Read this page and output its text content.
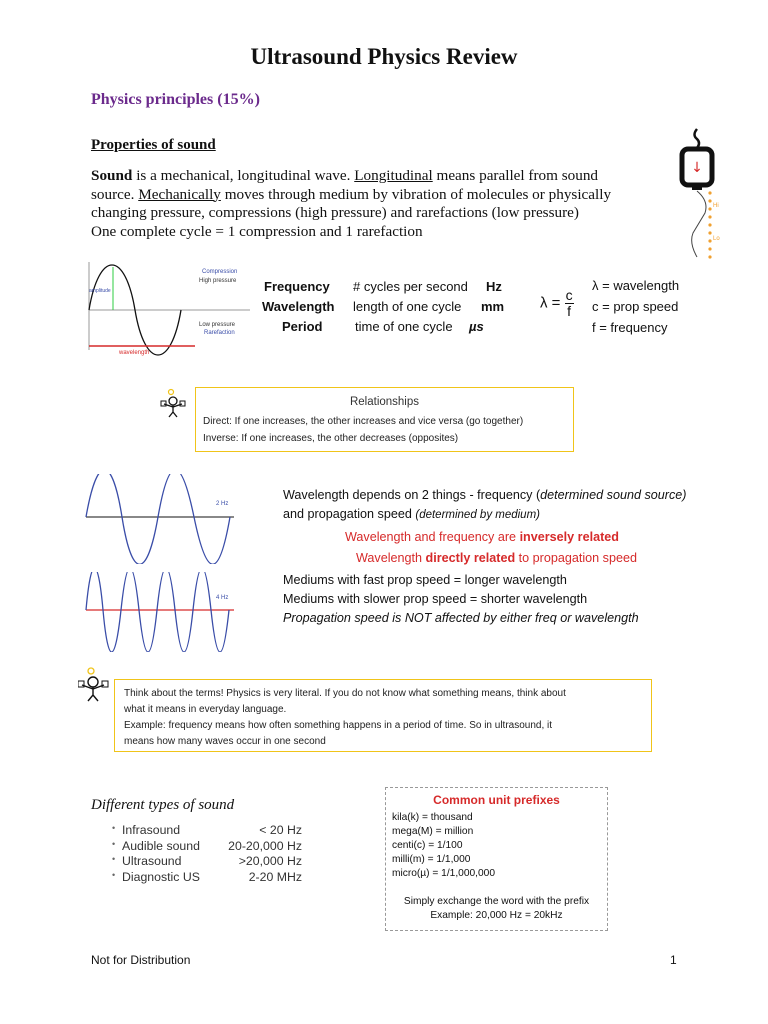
Ultrasound Physics Review
Physics principles (15%)
Properties of sound

Sound is a mechanical, longitudinal wave. Longitudinal means parallel from sound

source. Mechanically moves through medium by vibration of molecules or physically

changing pressure, compressions (high pressure) and rarefactions (low pressure)

One complete cycle = 1 compression and 1 rarefaction

↓
Hi
Lo
amplitude
Compression
High pressure
Low pressure
Rarefaction
wavelength
Frequency # cycles per second Hz
Wavelength length of one cycle mm
Period	time of one cycle µs
$\lambda = \frac{c}{f}$
λ = wavelength
c = prop speed
f = frequency
Relationships
Direct: If one increases, the other increases and vice versa (go together)
Inverse: If one increases, the other decreases (opposites)
2 Hz
4 Hz
Wavelength depends on 2 things - frequency (determined sound source)
and propagation speed (determined by medium)
Wavelength and frequency are inversely related
Wavelength directly related to propagation speed
Mediums with fast prop speed = longer wavelength
Mediums with slower prop speed = shorter wavelength
Propagation speed is NOT affected by either freq or wavelength
Think about the terms! Physics is very literal. If you do not know what something means, think about
what it means in everyday language.
Example: frequency means how often something happens in a period of time. So in ultrasound, it
means how many waves occur in one second
Different types of sound
• Infrasound	< 20 Hz
• Audible sound 20-20,000 Hz
• Ultrasound	>20,000 Hz
• Diagnostic US	2-20 MHz
Common unit prefixes
kila(k) = thousand
mega(M) = million
centi(c) = 1/100
milli(m) = 1/1,000
micro(µ) = 1/1,000,000
Simply exchange the word with the prefix
Example: 20,000 Hz = 20kHz
Not for Distribution	1
